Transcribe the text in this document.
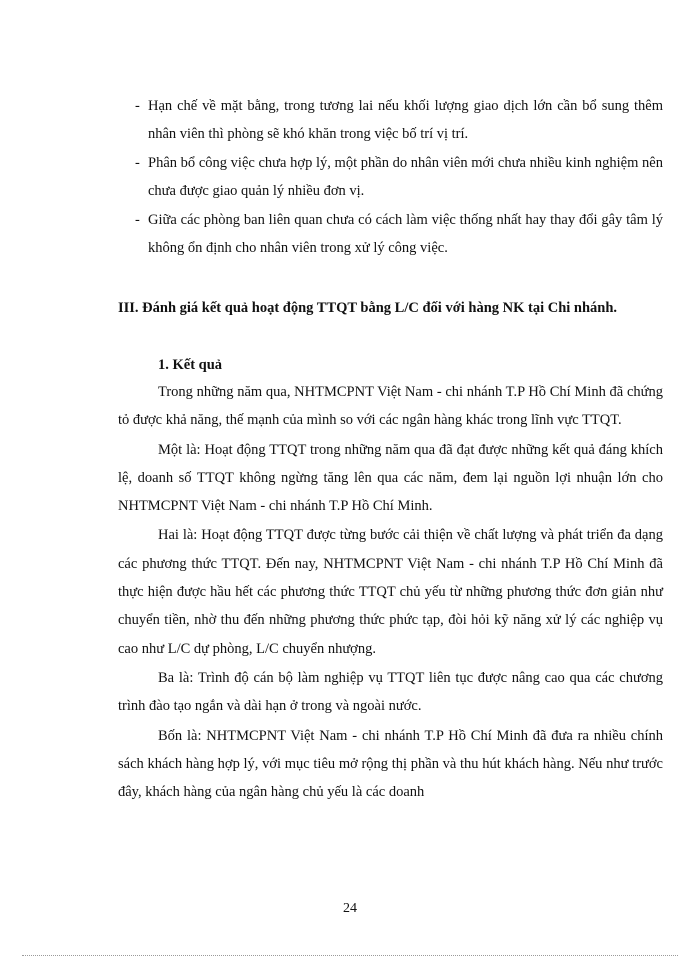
- Hạn chế về mặt bằng, trong tương lai nếu khối lượng giao dịch lớn cần bổ sung thêm nhân viên thì phòng sẽ khó khăn trong việc bố trí vị trí.
- Phân bổ công việc chưa hợp lý, một phần do nhân viên mới chưa nhiều kinh nghiệm nên chưa được giao quản lý nhiều đơn vị.
- Giữa các phòng ban liên quan chưa có cách làm việc thống nhất hay thay đổi gây tâm lý không ổn định cho nhân viên trong xử lý công việc.
III. Đánh giá kết quả hoạt động TTQT bằng L/C đối với hàng NK tại Chi nhánh.
1. Kết quả

Trong những năm qua, NHTMCPNT Việt Nam - chi nhánh T.P Hồ Chí Minh đã chứng tỏ được khả năng, thế mạnh của mình so với các ngân hàng khác trong lĩnh vực TTQT.

Một là: Hoạt động TTQT trong những năm qua đã đạt được những kết quả đáng khích lệ, doanh số TTQT không ngừng tăng lên qua các năm, đem lại nguồn lợi nhuận lớn cho NHTMCPNT Việt Nam - chi nhánh T.P Hồ Chí Minh.

Hai là: Hoạt động TTQT được từng bước cải thiện về chất lượng và phát triển đa dạng các phương thức TTQT. Đến nay, NHTMCPNT Việt Nam - chi nhánh T.P Hồ Chí Minh đã thực hiện được hầu hết các phương thức TTQT chủ yếu từ những phương thức đơn giản như chuyển tiền, nhờ thu đến những phương thức phức tạp, đòi hỏi kỹ năng xử lý các nghiệp vụ cao như L/C dự phòng, L/C chuyển nhượng.

Ba là: Trình độ cán bộ làm nghiệp vụ TTQT liên tục được nâng cao qua các chương trình đào tạo ngắn và dài hạn ở trong và ngoài nước.

Bốn là: NHTMCPNT Việt Nam - chi nhánh T.P Hồ Chí Minh đã đưa ra nhiều chính sách khách hàng hợp lý, với mục tiêu mở rộng thị phần và thu hút khách hàng. Nếu như trước đây, khách hàng của ngân hàng chủ yếu là các doanh

24
